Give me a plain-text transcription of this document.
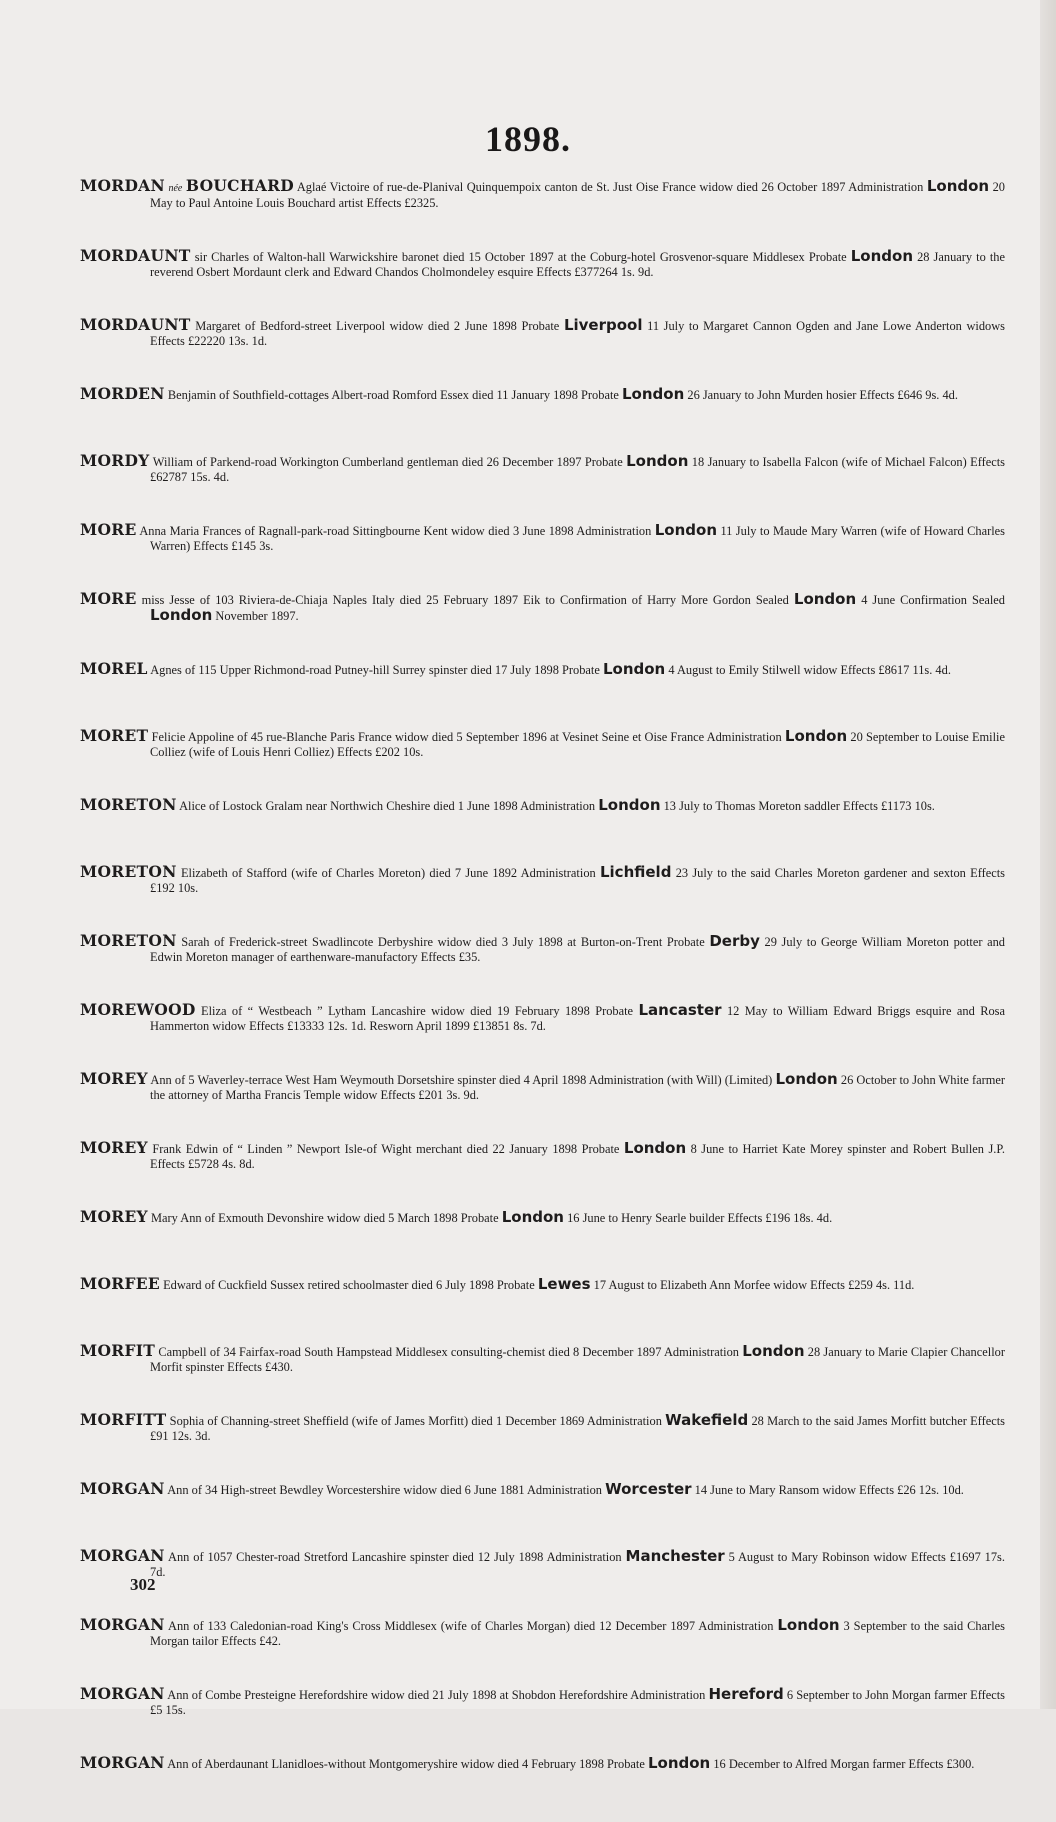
1898.
MORDAN née BOUCHARD Aglaé Victoire of rue-de-Planival Quinquempoix canton de St. Just Oise France widow died 26 October 1897 Administration London 20 May to Paul Antoine Louis Bouchard artist Effects £2325.
MORDAUNT sir Charles of Walton-hall Warwickshire baronet died 15 October 1897 at the Coburg-hotel Grosvenor-square Middlesex Probate London 28 January to the reverend Osbert Mordaunt clerk and Edward Chandos Cholmondeley esquire Effects £377264 1s. 9d.
MORDAUNT Margaret of Bedford-street Liverpool widow died 2 June 1898 Probate Liverpool 11 July to Margaret Cannon Ogden and Jane Lowe Anderton widows Effects £22220 13s. 1d.
MORDEN Benjamin of Southfield-cottages Albert-road Romford Essex died 11 January 1898 Probate London 26 January to John Murden hosier Effects £646 9s. 4d.
MORDY William of Parkend-road Workington Cumberland gentleman died 26 December 1897 Probate London 18 January to Isabella Falcon (wife of Michael Falcon) Effects £62787 15s. 4d.
MORE Anna Maria Frances of Ragnall-park-road Sittingbourne Kent widow died 3 June 1898 Administration London 11 July to Maude Mary Warren (wife of Howard Charles Warren) Effects £145 3s.
MORE miss Jesse of 103 Riviera-de-Chiaja Naples Italy died 25 February 1897 Eik to Confirmation of Harry More Gordon Sealed London 4 June Confirmation Sealed London November 1897.
MOREL Agnes of 115 Upper Richmond-road Putney-hill Surrey spinster died 17 July 1898 Probate London 4 August to Emily Stilwell widow Effects £8617 11s. 4d.
MORET Felicie Appoline of 45 rue-Blanche Paris France widow died 5 September 1896 at Vesinet Seine et Oise France Administration London 20 September to Louise Emilie Colliez (wife of Louis Henri Colliez) Effects £202 10s.
MORETON Alice of Lostock Gralam near Northwich Cheshire died 1 June 1898 Administration London 13 July to Thomas Moreton saddler Effects £1173 10s.
MORETON Elizabeth of Stafford (wife of Charles Moreton) died 7 June 1892 Administration Lichfield 23 July to the said Charles Moreton gardener and sexton Effects £192 10s.
MORETON Sarah of Frederick-street Swadlincote Derbyshire widow died 3 July 1898 at Burton-on-Trent Probate Derby 29 July to George William Moreton potter and Edwin Moreton manager of earthenware-manufactory Effects £35.
MOREWOOD Eliza of “ Westbeach ” Lytham Lancashire widow died 19 February 1898 Probate Lancaster 12 May to William Edward Briggs esquire and Rosa Hammerton widow Effects £13333 12s. 1d. Resworn April 1899 £13851 8s. 7d.
MOREY Ann of 5 Waverley-terrace West Ham Weymouth Dorsetshire spinster died 4 April 1898 Administration (with Will) (Limited) London 26 October to John White farmer the attorney of Martha Francis Temple widow Effects £201 3s. 9d.
MOREY Frank Edwin of “ Linden ” Newport Isle-of Wight merchant died 22 January 1898 Probate London 8 June to Harriet Kate Morey spinster and Robert Bullen J.P. Effects £5728 4s. 8d.
MOREY Mary Ann of Exmouth Devonshire widow died 5 March 1898 Probate London 16 June to Henry Searle builder Effects £196 18s. 4d.
MORFEE Edward of Cuckfield Sussex retired schoolmaster died 6 July 1898 Probate Lewes 17 August to Elizabeth Ann Morfee widow Effects £259 4s. 11d.
MORFIT Campbell of 34 Fairfax-road South Hampstead Middlesex consulting-chemist died 8 December 1897 Administration London 28 January to Marie Clapier Chancellor Morfit spinster Effects £430.
MORFITT Sophia of Channing-street Sheffield (wife of James Morfitt) died 1 December 1869 Administration Wakefield 28 March to the said James Morfitt butcher Effects £91 12s. 3d.
MORGAN Ann of 34 High-street Bewdley Worcestershire widow died 6 June 1881 Administration Worcester 14 June to Mary Ransom widow Effects £26 12s. 10d.
MORGAN Ann of 1057 Chester-road Stretford Lancashire spinster died 12 July 1898 Administration Manchester 5 August to Mary Robinson widow Effects £1697 17s. 7d.
MORGAN Ann of 133 Caledonian-road King's Cross Middlesex (wife of Charles Morgan) died 12 December 1897 Administration London 3 September to the said Charles Morgan tailor Effects £42.
MORGAN Ann of Combe Presteigne Herefordshire widow died 21 July 1898 at Shobdon Herefordshire Administration Hereford 6 September to John Morgan farmer Effects £5 15s.
MORGAN Ann of Aberdaunant Llanidloes-without Montgomeryshire widow died 4 February 1898 Probate London 16 December to Alfred Morgan farmer Effects £300.
302
